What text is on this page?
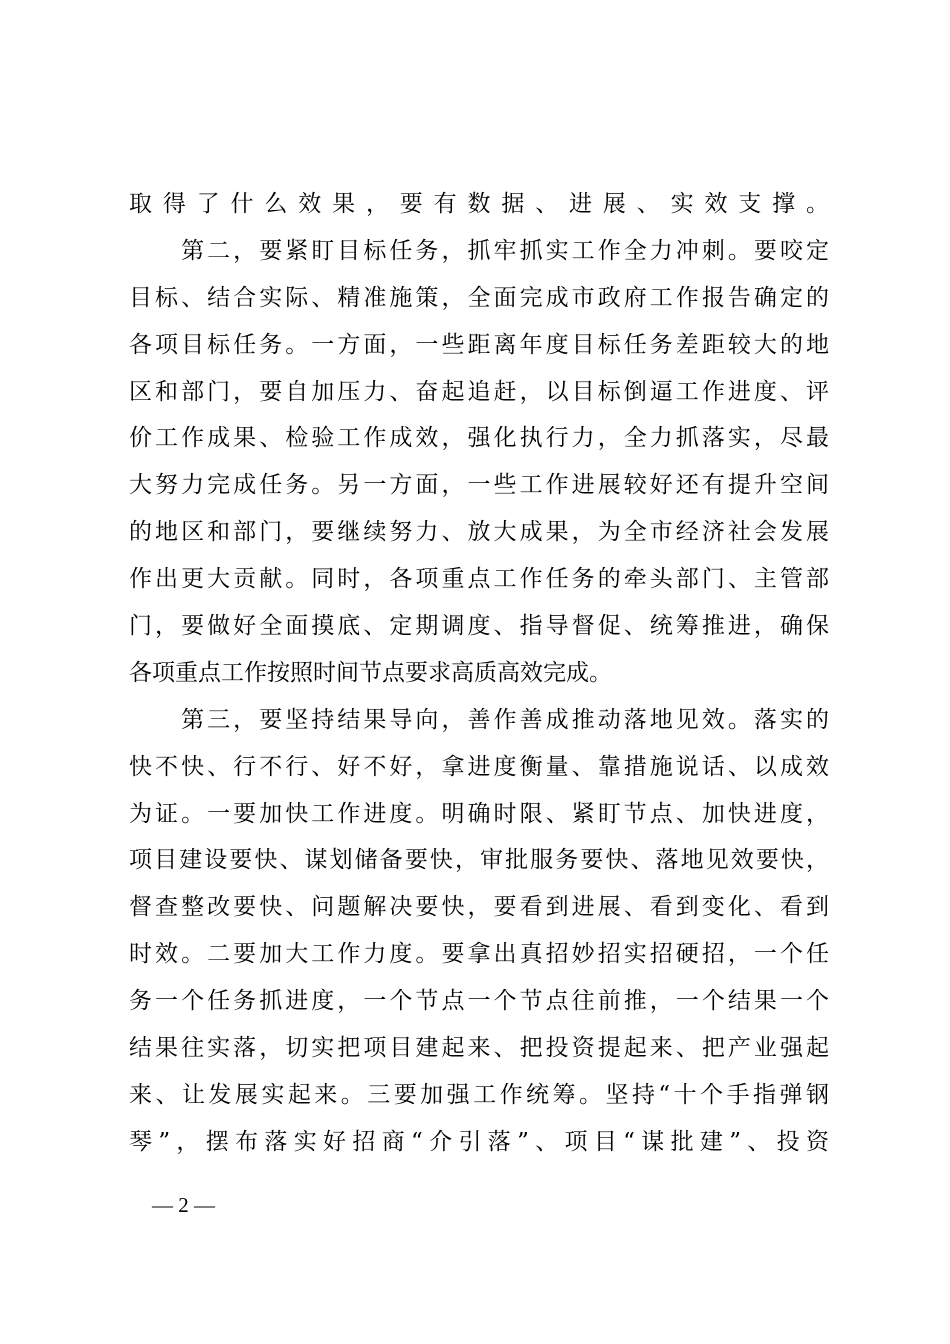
取得了什么效果，要有数据、进展、实效支撑。
　　第二，要紧盯目标任务，抓牢抓实工作全力冲刺。要咬定
目标、结合实际、精准施策，全面完成市政府工作报告确定的
各项目标任务。一方面，一些距离年度目标任务差距较大的地
区和部门，要自加压力、奋起追赶，以目标倒逼工作进度、评
价工作成果、检验工作成效，强化执行力，全力抓落实，尽最
大努力完成任务。另一方面，一些工作进展较好还有提升空间
的地区和部门，要继续努力、放大成果，为全市经济社会发展
作出更大贡献。同时，各项重点工作任务的牵头部门、主管部
门，要做好全面摸底、定期调度、指导督促、统筹推进，确保
各项重点工作按照时间节点要求高质高效完成。
　　第三，要坚持结果导向，善作善成推动落地见效。落实的
快不快、行不行、好不好，拿进度衡量、靠措施说话、以成效
为证。一要加快工作进度。明确时限、紧盯节点、加快进度，
项目建设要快、谋划储备要快，审批服务要快、落地见效要快，
督查整改要快、问题解决要快，要看到进展、看到变化、看到
时效。二要加大工作力度。要拿出真招妙招实招硬招，一个任
务一个任务抓进度，一个节点一个节点往前推，一个结果一个
结果往实落，切实把项目建起来、把投资提起来、把产业强起
来、让发展实起来。三要加强工作统筹。坚持“十个手指弹钢
琴”，摆布落实好招商“介引落”、项目“谋批建”、投资
— 2 —
